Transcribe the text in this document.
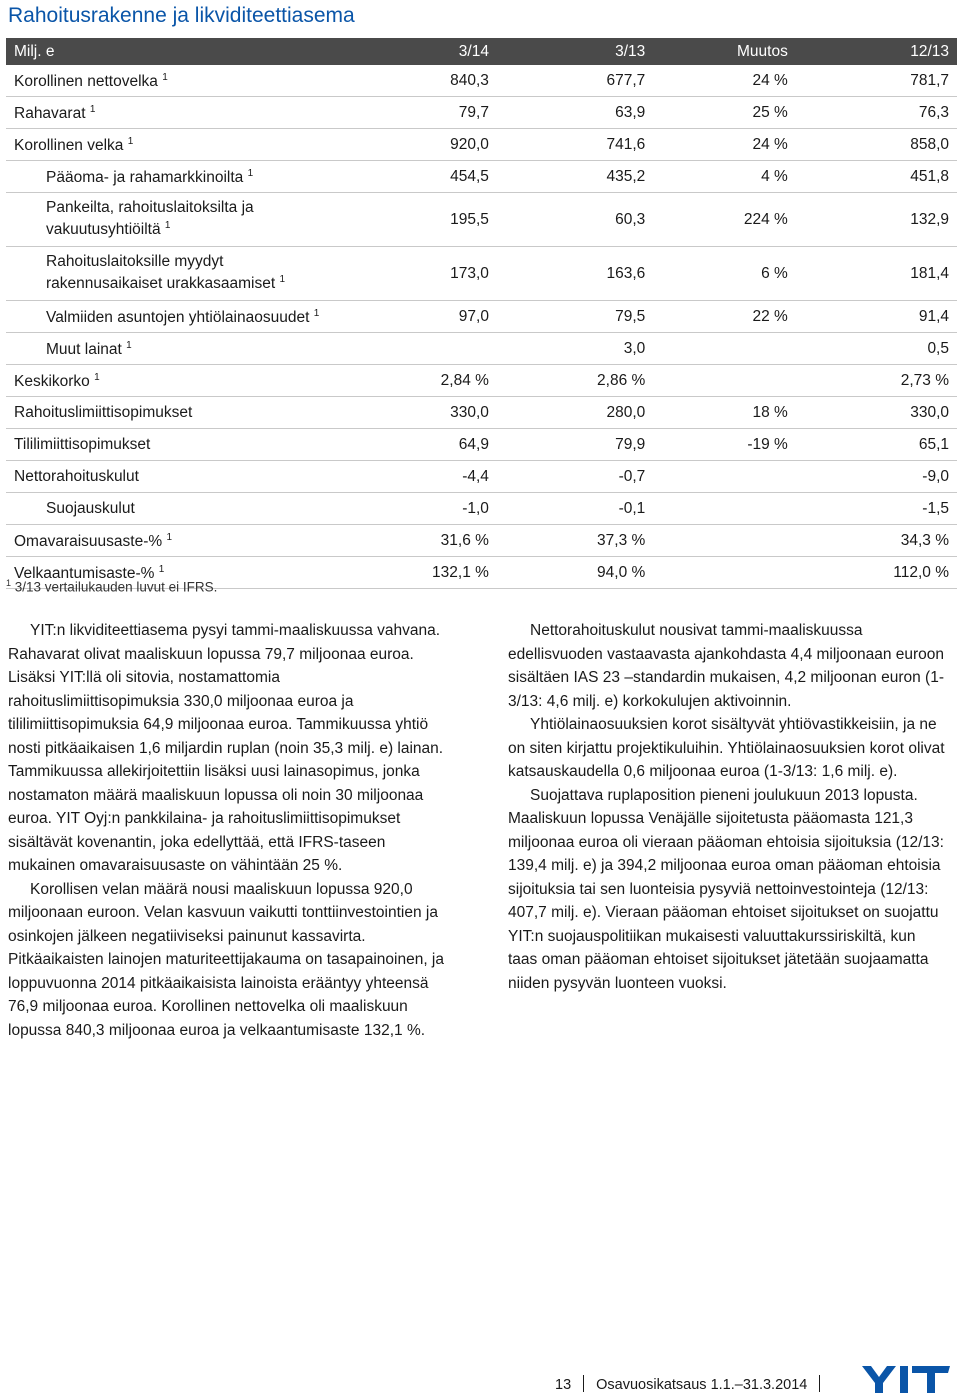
Rahoitusrakenne ja likviditeettiasema
Milj. e	3/14	3/13	Muutos	12/13
Korollinen nettovelka $^1$	840,3	677,7	24 %	781,7
Rahavarat $^1$	79,7	63,9	25 %	76,3
Korollinen velka $^1$	920,0	741,6	24 %	858,0
Pääoma- ja rahamarkkinoilta $^1$	454,5	435,2	4 %	451,8
Pankeilta, rahoituslaitoksilta ja
vakuutusyhtiöiltä $^1$	195,5	60,3	224 %	132,9
Rahoituslaitoksille myydyt
rakennusaikaiset urakkasaamiset $^1$	173,0	163,6	6 %	181,4
Valmiiden asuntojen yhtiölainaosuudet $^1$	97,0	79,5	22 %	91,4
Muut lainat $^1$		3,0		0,5
Keskikorko $^1$	2,84 %	2,86 %		2,73 %
Rahoituslimiittisopimukset	330,0	280,0	18 %	330,0
Tililimiittisopimukset	64,9	79,9	-19 %	65,1
Nettorahoituskulut	-4,4	-0,7		-9,0
Suojauskulut	-1,0	-0,1		-1,5
Omavaraisuusaste-% $^1$	31,6 %	37,3 %		34,3 %
Velkaantumisaste-% $^1$	132,1 %	94,0 %		112,0 %
$^1$ 3/13 vertailukauden luvut ei IFRS.

YIT:n likviditeettiasema pysyi tammi-maaliskuussa vahvana. Rahavarat olivat maaliskuun lopussa 79,7 miljoonaa euroa. Lisäksi YIT:llä oli sitovia, nostamattomia rahoituslimiittisopimuksia 330,0 miljoonaa euroa ja tililimiittisopimuksia 64,9 miljoonaa euroa. Tammikuussa yhtiö nosti pitkäaikaisen 1,6 miljardin ruplan (noin 35,3 milj. e) lainan. Tammikuussa allekirjoitettiin lisäksi uusi lainasopimus, jonka nostamaton määrä maaliskuun lopussa oli noin 30 miljoonaa euroa. YIT Oyj:n pankkilaina- ja rahoituslimiittisopimukset sisältävät kovenantin, joka edellyttää, että IFRS-taseen mukainen omavaraisuusaste on vähintään 25 %.

Korollisen velan määrä nousi maaliskuun lopussa 920,0 miljoonaan euroon. Velan kasvuun vaikutti tonttiinvestointien ja osinkojen jälkeen negatiiviseksi painunut kassavirta. Pitkäaikaisten lainojen maturiteettijakauma on tasapainoinen, ja loppuvuonna 2014 pitkäaikaisista lainoista erääntyy yhteensä 76,9 miljoonaa euroa. Korollinen nettovelka oli maaliskuun lopussa 840,3 miljoonaa euroa ja velkaantumisaste 132,1 %.

Nettorahoituskulut nousivat tammi-maaliskuussa edellisvuoden vastaavasta ajankohdasta 4,4 miljoonaan euroon sisältäen IAS 23 –standardin mukaisen, 4,2 miljoonan euron (1-3/13: 4,6 milj. e) korkokulujen aktivoinnin.

Yhtiölainaosuuksien korot sisältyvät yhtiövastikkeisiin, ja ne on siten kirjattu projektikuluihin. Yhtiölainaosuuksien korot olivat katsauskaudella 0,6 miljoonaa euroa (1-3/13: 1,6 milj. e).

Suojattava ruplaposition pieneni joulukuun 2013 lopusta. Maaliskuun lopussa Venäjälle sijoitetusta pääomasta 121,3 miljoonaa euroa oli vieraan pääoman ehtoisia sijoituksia (12/13: 139,4 milj. e) ja 394,2 miljoonaa euroa oman pääoman ehtoisia sijoituksia tai sen luonteisia pysyviä nettoinvestointeja (12/13: 407,7 milj. e). Vieraan pääoman ehtoiset sijoitukset on suojattu YIT:n suojauspolitiikan mukaisesti valuuttakurssiriskiltä, kun taas oman pääoman ehtoiset sijoitukset jätetään suojaamatta niiden pysyvän luonteen vuoksi.

13 Osavuosikatsaus 1.1.–31.3.2014
